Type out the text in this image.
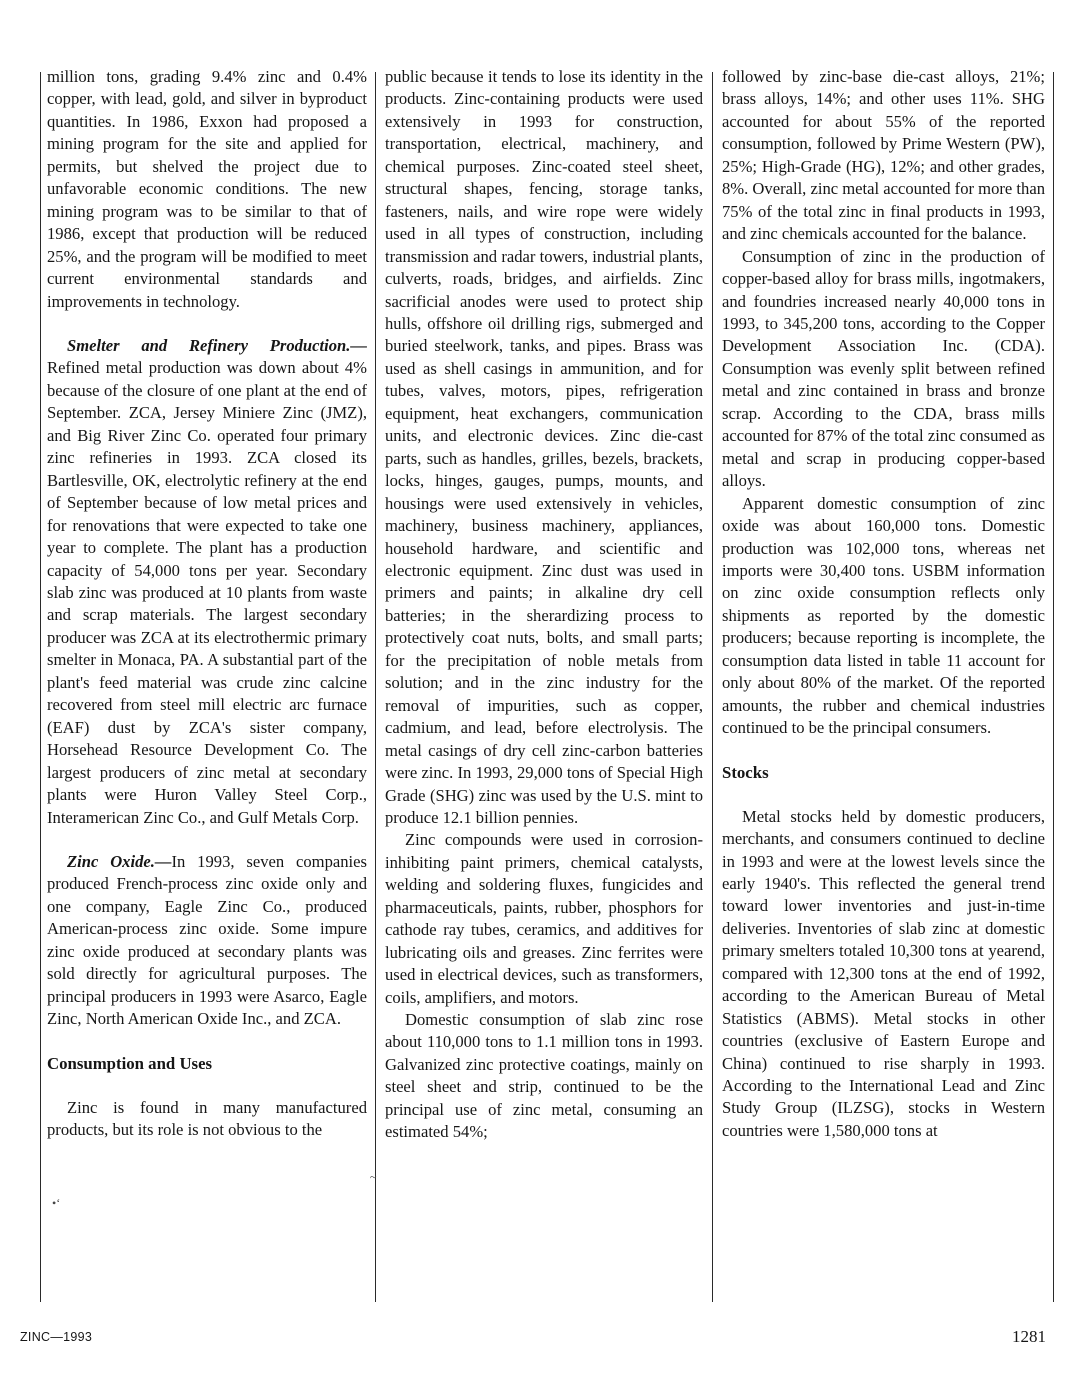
•‘
~

million tons, grading 9.4% zinc and 0.4% copper, with lead, gold, and silver in byproduct quantities. In 1986, Exxon had proposed a mining program for the site and applied for permits, but shelved the project due to unfavorable economic conditions. The new mining program was to be similar to that of 1986, except that production will be reduced 25%, and the program will be modified to meet current environmental standards and improvements in technology.

Smelter and Refinery Production.— Refined metal production was down about 4% because of the closure of one plant at the end of September. ZCA, Jersey Miniere Zinc (JMZ), and Big River Zinc Co. operated four primary zinc refineries in 1993. ZCA closed its Bartlesville, OK, electrolytic refinery at the end of September because of low metal prices and for renovations that were expected to take one year to complete. The plant has a production capacity of 54,000 tons per year. Secondary slab zinc was produced at 10 plants from waste and scrap materials. The largest secondary producer was ZCA at its electrothermic primary smelter in Monaca, PA. A substantial part of the plant's feed material was crude zinc calcine recovered from steel mill electric arc furnace (EAF) dust by ZCA's sister company, Horsehead Resource Development Co. The largest producers of zinc metal at secondary plants were Huron Valley Steel Corp., Interamerican Zinc Co., and Gulf Metals Corp.

Zinc Oxide.—In 1993, seven companies produced French-process zinc oxide only and one company, Eagle Zinc Co., produced American-process zinc oxide. Some impure zinc oxide produced at secondary plants was sold directly for agricultural purposes. The principal producers in 1993 were Asarco, Eagle Zinc, North American Oxide Inc., and ZCA.

Consumption and Uses

Zinc is found in many manufactured products, but its role is not obvious to the

public because it tends to lose its identity in the products. Zinc-containing products were used extensively in 1993 for construction, transportation, electrical, machinery, and chemical purposes. Zinc-coated steel sheet, structural shapes, fencing, storage tanks, fasteners, nails, and wire rope were widely used in all types of construction, including transmission and radar towers, industrial plants, culverts, roads, bridges, and airfields. Zinc sacrificial anodes were used to protect ship hulls, offshore oil drilling rigs, submerged and buried steelwork, tanks, and pipes. Brass was used as shell casings in ammunition, and for tubes, valves, motors, pipes, refrigeration equipment, heat exchangers, communication units, and electronic devices. Zinc die-cast parts, such as handles, grilles, bezels, brackets, locks, hinges, gauges, pumps, mounts, and housings were used extensively in vehicles, machinery, business machinery, appliances, household hardware, and scientific and electronic equipment. Zinc dust was used in primers and paints; in alkaline dry cell batteries; in the sherardizing process to protectively coat nuts, bolts, and small parts; for the precipitation of noble metals from solution; and in the zinc industry for the removal of impurities, such as copper, cadmium, and lead, before electrolysis. The metal casings of dry cell zinc-carbon batteries were zinc. In 1993, 29,000 tons of Special High Grade (SHG) zinc was used by the U.S. mint to produce 12.1 billion pennies.

Zinc compounds were used in corrosion-inhibiting paint primers, chemical catalysts, welding and soldering fluxes, fungicides and pharmaceuticals, paints, rubber, phosphors for cathode ray tubes, ceramics, and additives for lubricating oils and greases. Zinc ferrites were used in electrical devices, such as transformers, coils, amplifiers, and motors.

Domestic consumption of slab zinc rose about 110,000 tons to 1.1 million tons in 1993. Galvanized zinc protective coatings, mainly on steel sheet and strip, continued to be the principal use of zinc metal, consuming an estimated 54%;

followed by zinc-base die-cast alloys, 21%; brass alloys, 14%; and other uses 11%. SHG accounted for about 55% of the reported consumption, followed by Prime Western (PW), 25%; High-Grade (HG), 12%; and other grades, 8%. Overall, zinc metal accounted for more than 75% of the total zinc in final products in 1993, and zinc chemicals accounted for the balance.

Consumption of zinc in the production of copper-based alloy for brass mills, ingotmakers, and foundries increased nearly 40,000 tons in 1993, to 345,200 tons, according to the Copper Development Association Inc. (CDA). Consumption was evenly split between refined metal and zinc contained in brass and bronze scrap. According to the CDA, brass mills accounted for 87% of the total zinc consumed as metal and scrap in producing copper-based alloys.

Apparent domestic consumption of zinc oxide was about 160,000 tons. Domestic production was 102,000 tons, whereas net imports were 30,400 tons. USBM information on zinc oxide consumption reflects only shipments as reported by the domestic producers; because reporting is incomplete, the consumption data listed in table 11 account for only about 80% of the market. Of the reported amounts, the rubber and chemical industries continued to be the principal consumers.

Stocks

Metal stocks held by domestic producers, merchants, and consumers continued to decline in 1993 and were at the lowest levels since the early 1940's. This reflected the general trend toward lower inventories and just-in-time deliveries. Inventories of slab zinc at domestic primary smelters totaled 10,300 tons at yearend, compared with 12,300 tons at the end of 1992, according to the American Bureau of Metal Statistics (ABMS). Metal stocks in other countries (exclusive of Eastern Europe and China) continued to rise sharply in 1993. According to the International Lead and Zinc Study Group (ILZSG), stocks in Western countries were 1,580,000 tons at

ZINC—1993	1281
